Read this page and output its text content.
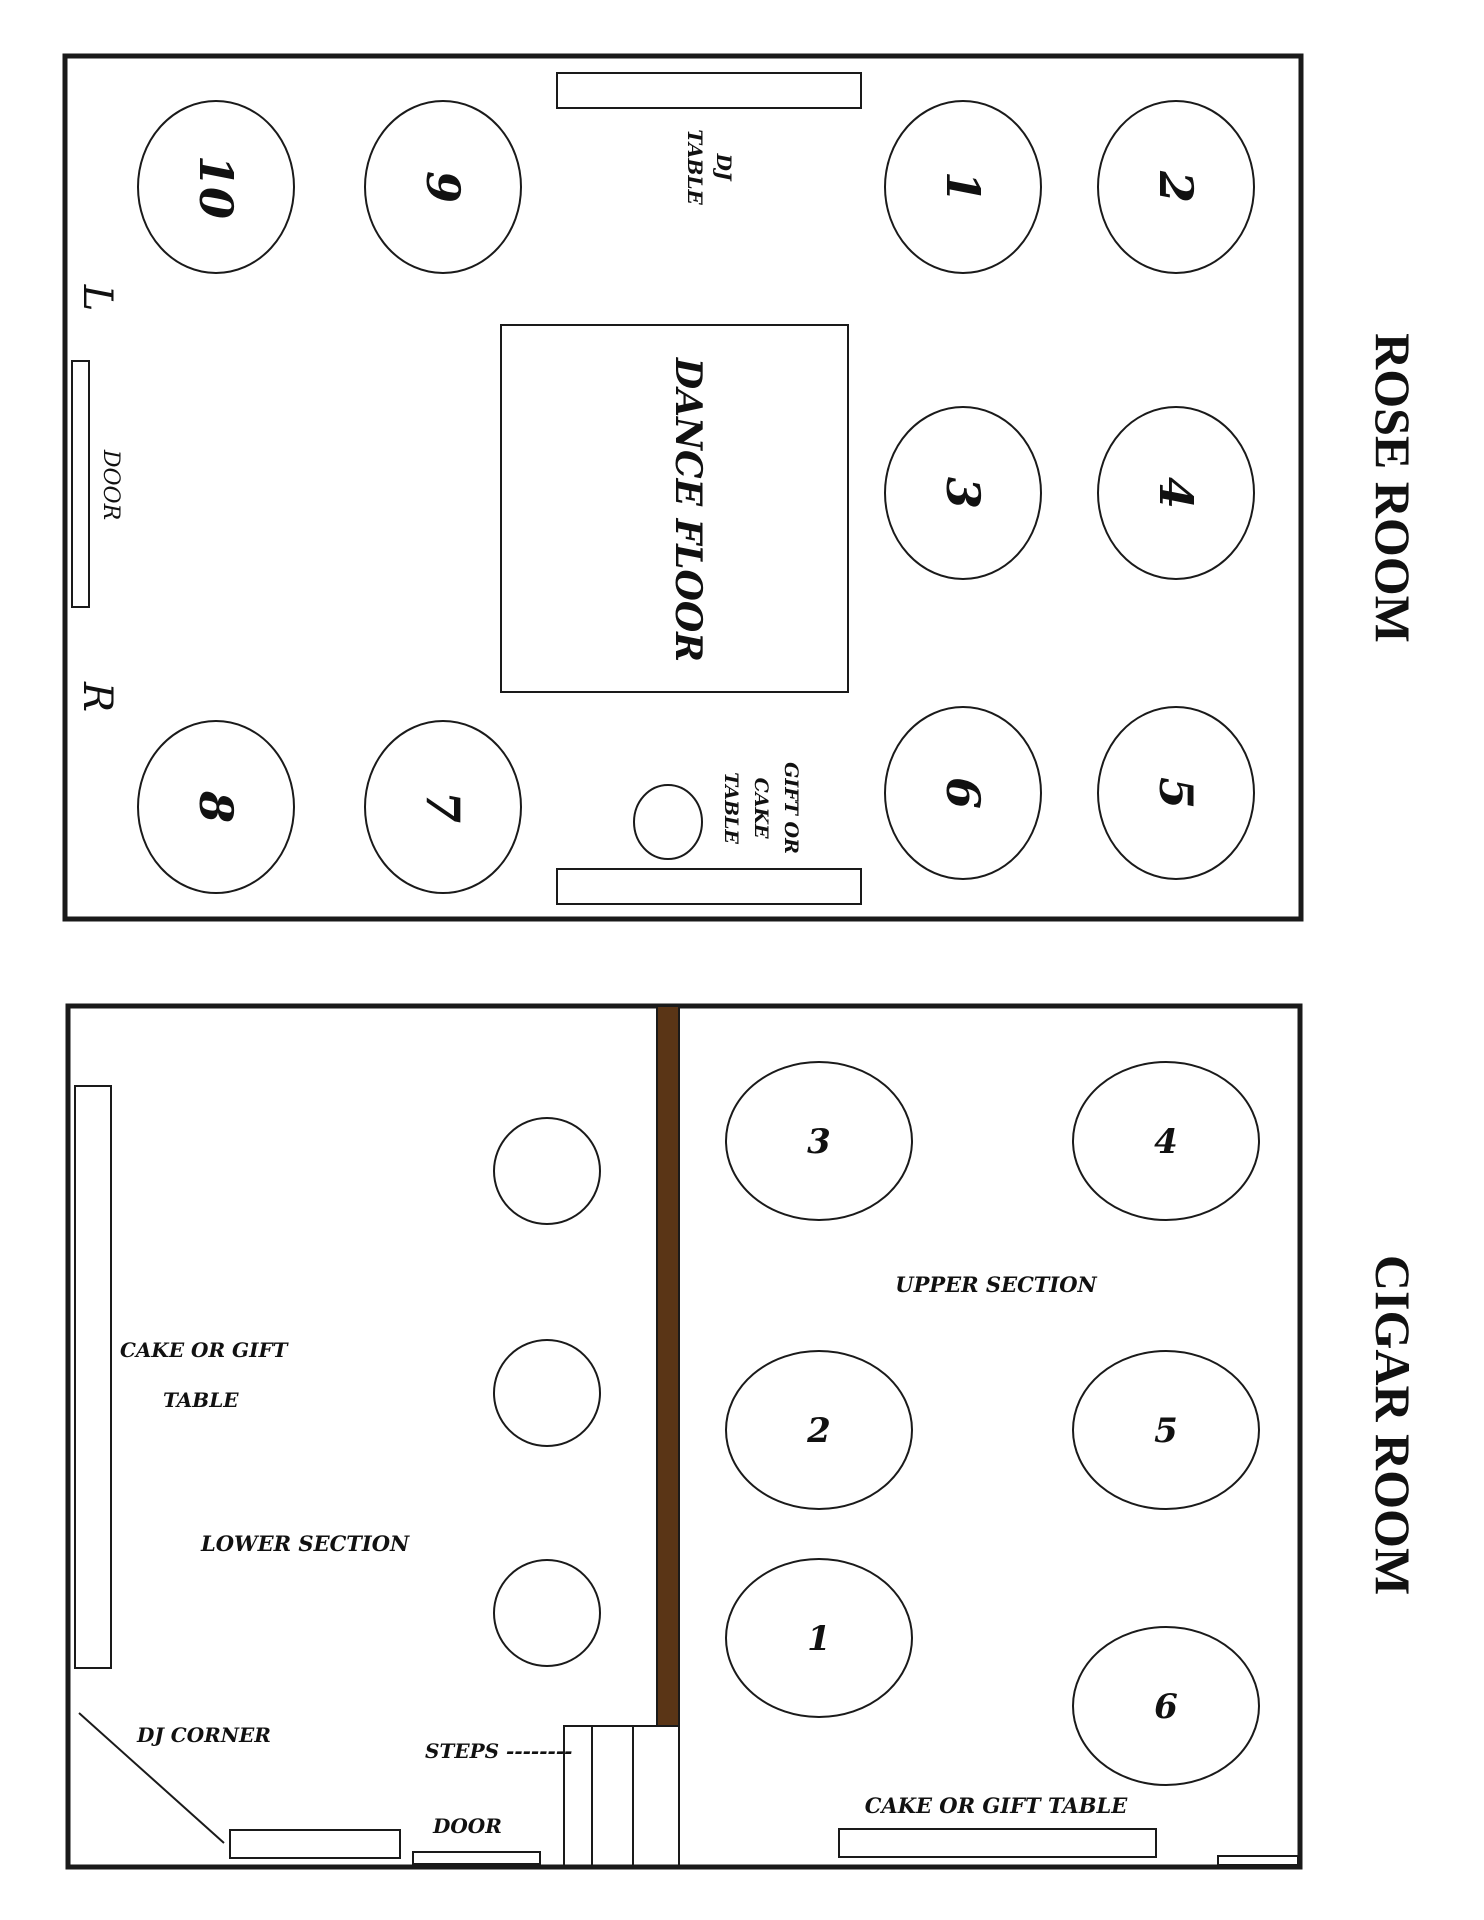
DJ
TABLE
10	9	1	2
3	4
8	7	6	5
DANCE FLOOR
DOOR
L
R
GIFT OR
CAKE
TABLE
ROSE ROOM
STEPS --------
CAKE OR GIFT
TABLE
LOWER SECTION
DJ CORNER
DOOR
3	4
2	5
1
6
UPPER SECTION
CAKE OR GIFT TABLE
CIGAR ROOM
